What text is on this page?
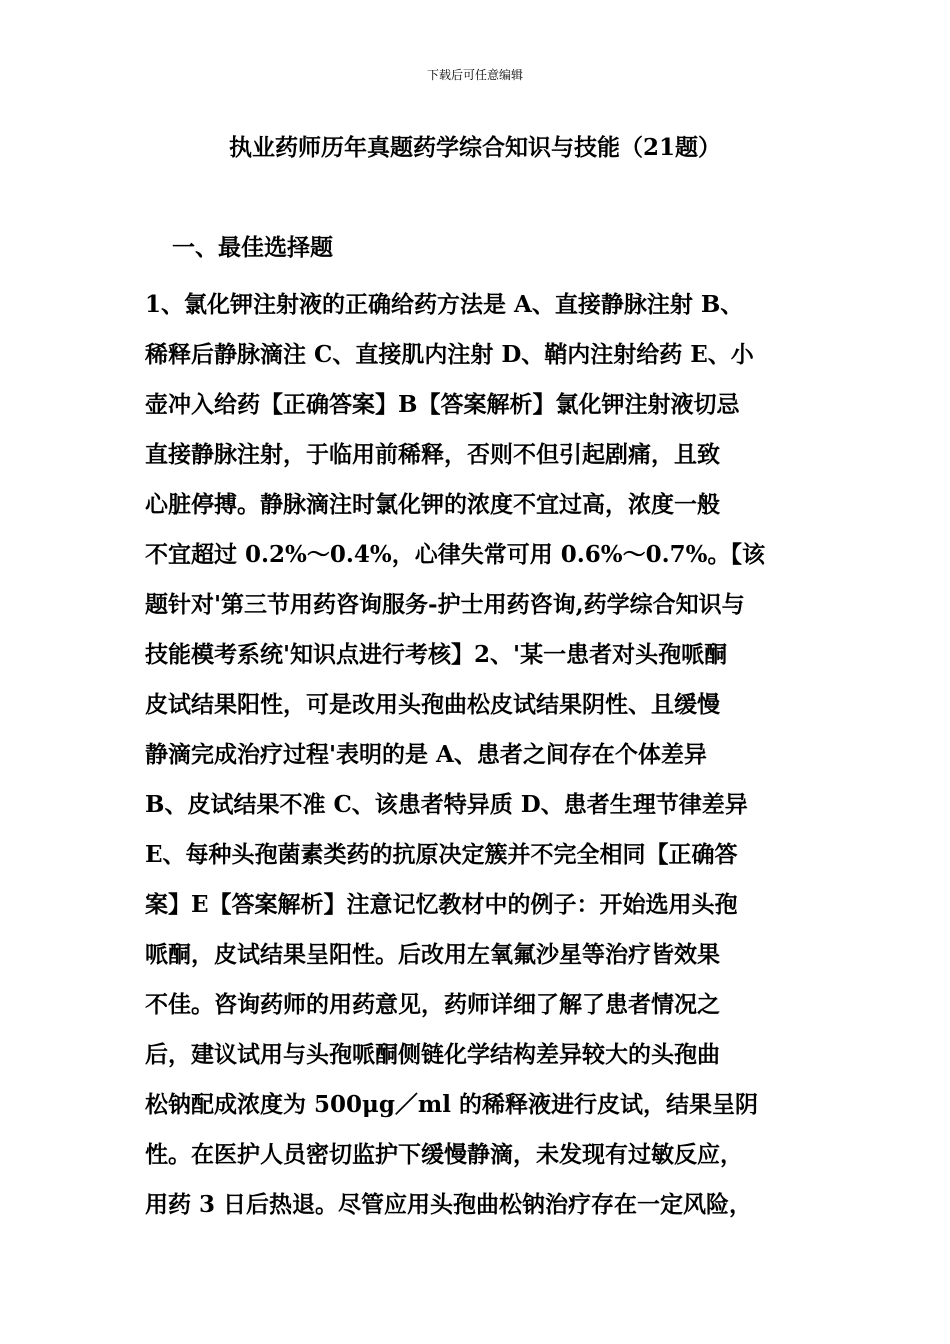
下载后可任意编辑
执业药师历年真题药学综合知识与技能（21题）
一、最佳选择题
1、氯化钾注射液的正确给药方法是 A、直接静脉注射 B、
稀释后静脉滴注 C、直接肌内注射 D、鞘内注射给药 E、小
壶冲入给药【正确答案】B【答案解析】氯化钾注射液切忌
直接静脉注射，于临用前稀释，否则不但引起剧痛，且致
心脏停搏。静脉滴注时氯化钾的浓度不宜过高，浓度一般
不宜超过 0.2%～0.4%，心律失常可用 0.6%～0.7%。【该
题针对'第三节用药咨询服务-护士用药咨询,药学综合知识与
技能模考系统'知识点进行考核】2、'某一患者对头孢哌酮
皮试结果阳性，可是改用头孢曲松皮试结果阴性、且缓慢
静滴完成治疗过程'表明的是 A、患者之间存在个体差异
B、皮试结果不准 C、该患者特异质 D、患者生理节律差异
E、每种头孢菌素类药的抗原决定簇并不完全相同【正确答
案】E【答案解析】注意记忆教材中的例子：开始选用头孢
哌酮，皮试结果呈阳性。后改用左氧氟沙星等治疗皆效果
不佳。咨询药师的用药意见，药师详细了解了患者情况之
后，建议试用与头孢哌酮侧链化学结构差异较大的头孢曲
松钠配成浓度为 500μg／ml 的稀释液进行皮试，结果呈阴
性。在医护人员密切监护下缓慢静滴，未发现有过敏反应，
用药 3 日后热退。尽管应用头孢曲松钠治疗存在一定风险，
